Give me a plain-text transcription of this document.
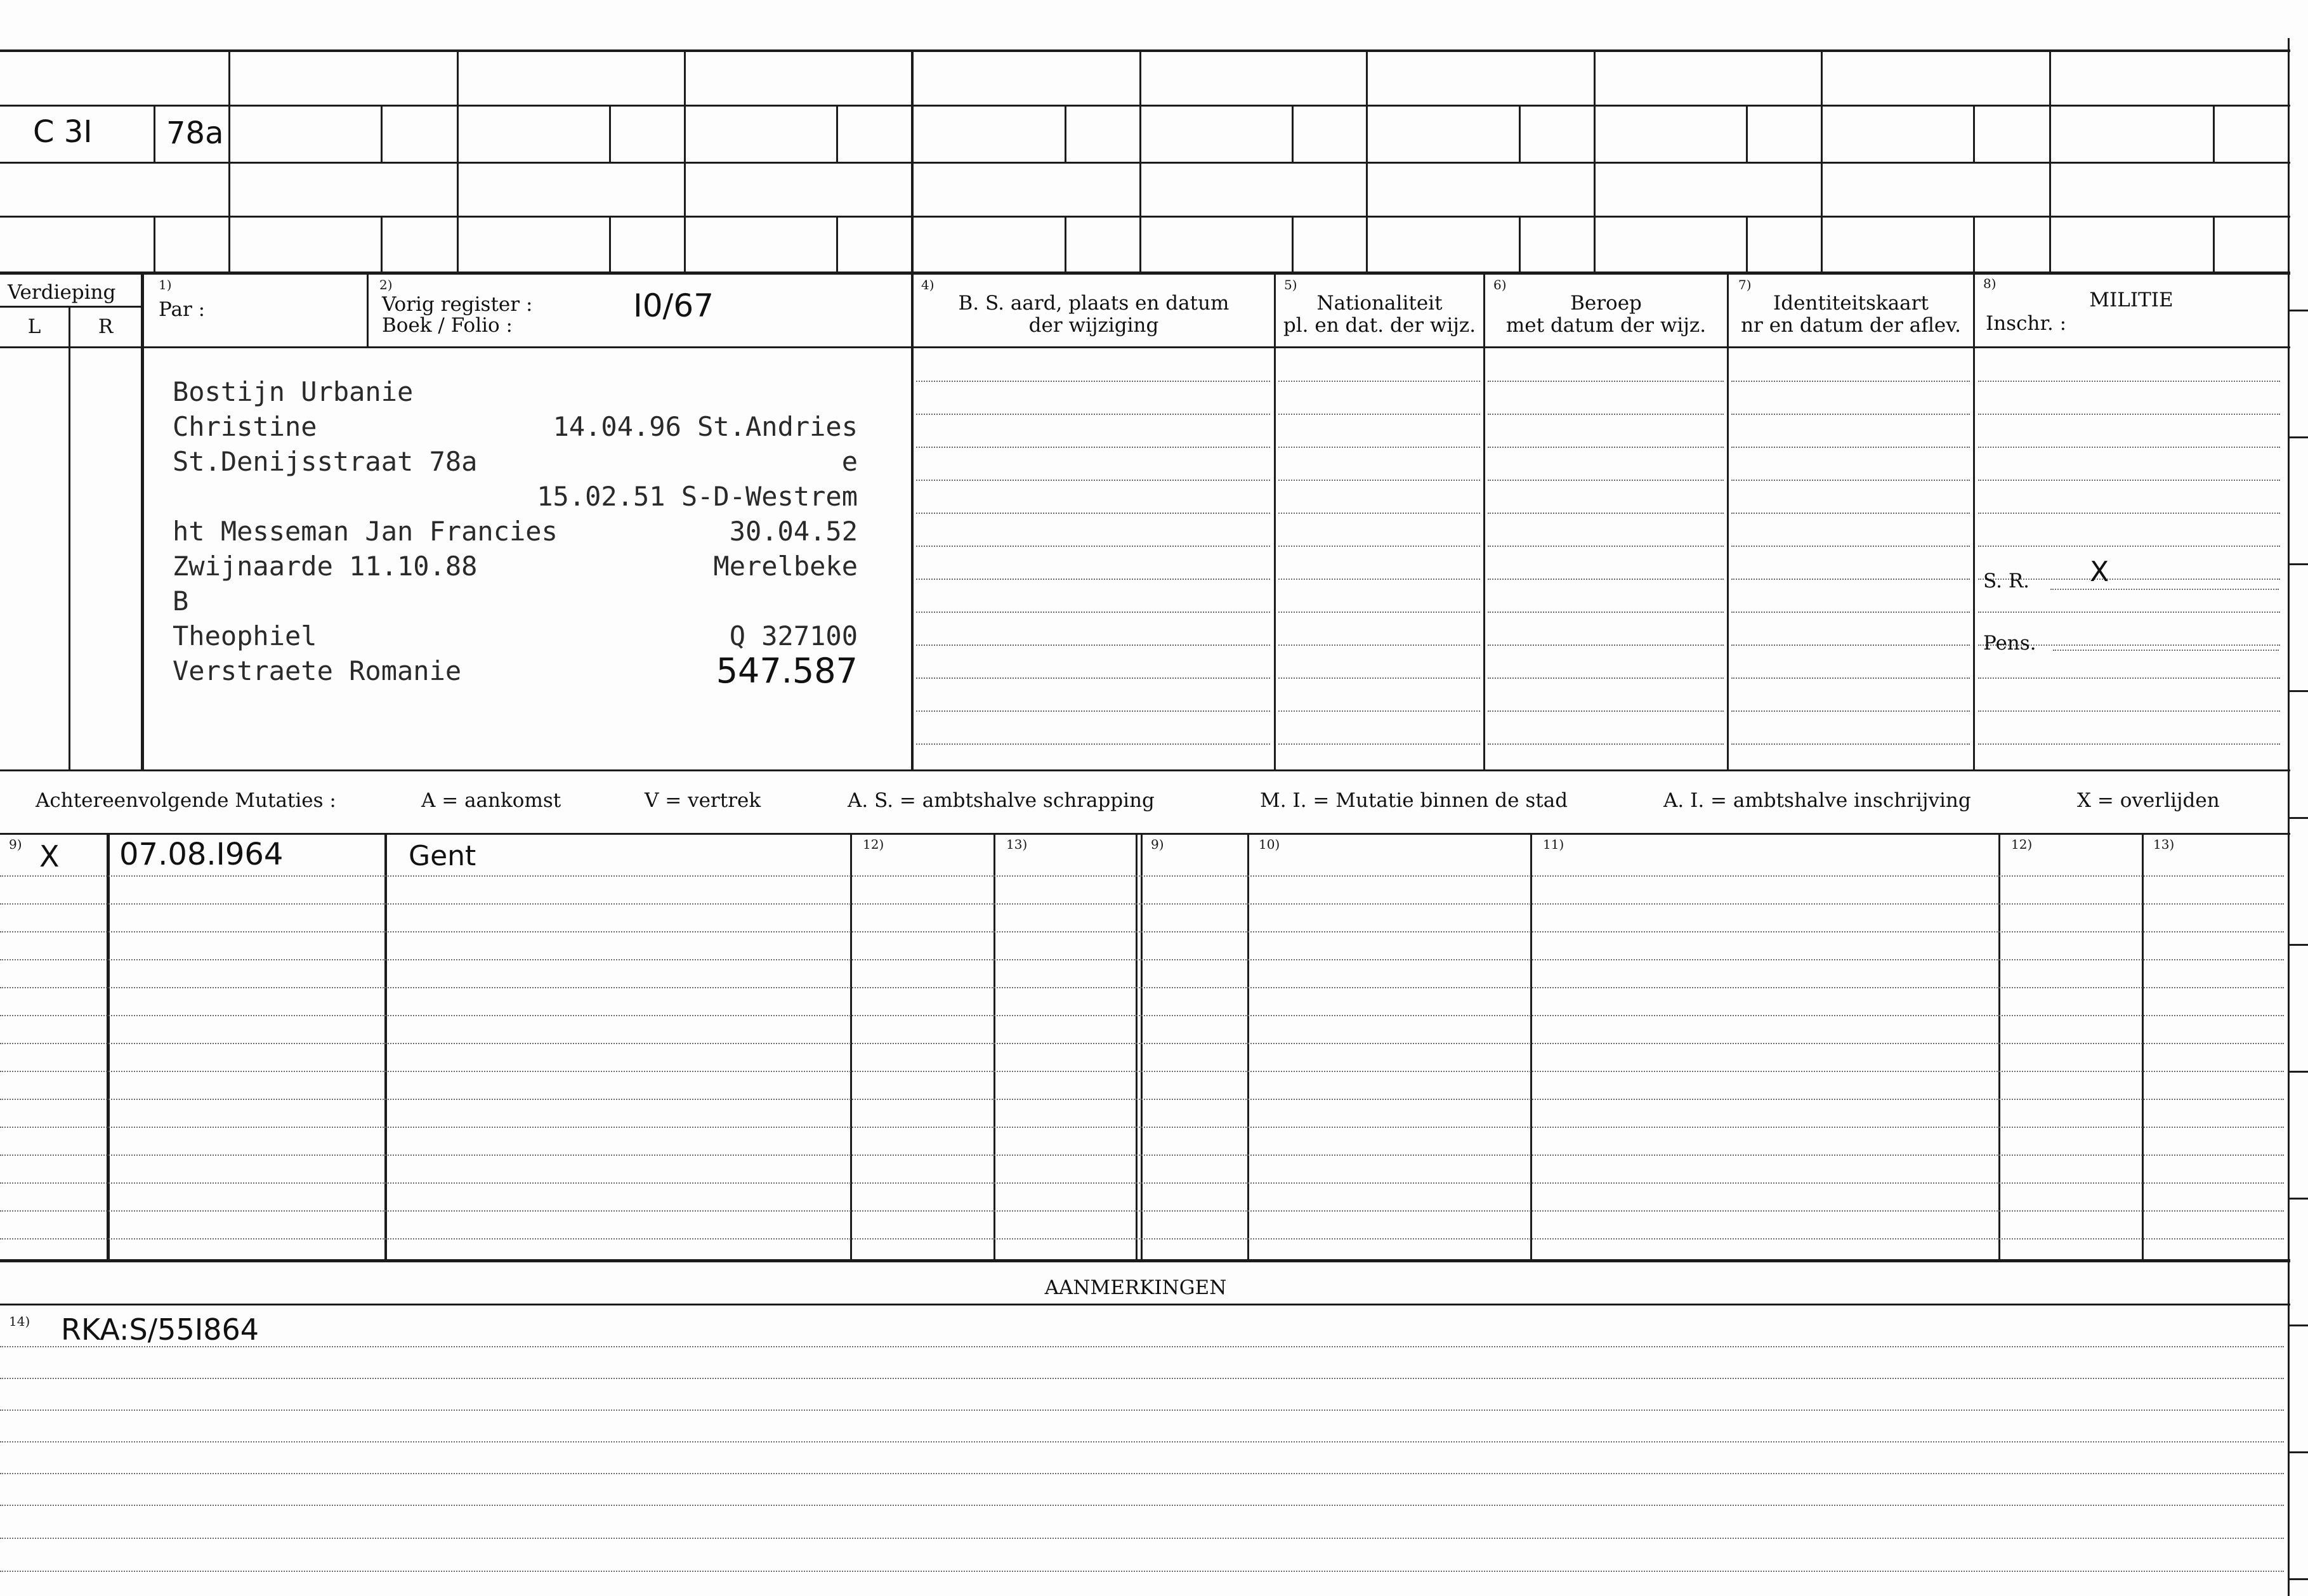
C 3I 78a
Verdieping
L	R
1)
Par :
2)
Vorig register :
Boek / Folio :
I0/67
4)
B. S. aard, plaats en datum
der wijziging
5)
Nationaliteit
pl. en dat. der wijz.
6)
Beroep
met datum der wijz.
7)
Identiteitskaart
nr en datum der aflev.
8)
MILITIE
Inschr. :
Bostijn Urbanie
Christine	14.04.96 St.Andries
St.Denijsstraat 78a	e
15.02.51 S-D-Westrem
ht Messeman Jan Francies	30.04.52
Zwijnaarde 11.10.88	Merelbeke
B
Theophiel	Q 327100
Verstraete Romanie	547.587
S. R. X
Pens.
Achtereenvolgende Mutaties :	A = aankomst	V = vertrek	A. S. = ambtshalve schrapping	M. I. = Mutatie binnen de stad	A. I. = ambtshalve inschrijving	X = overlijden
9)	12)	13)	9)	10)	11)	12)	13)
X 07.08.I964	Gent
AANMERKINGEN
14) RKA:S/55I864
